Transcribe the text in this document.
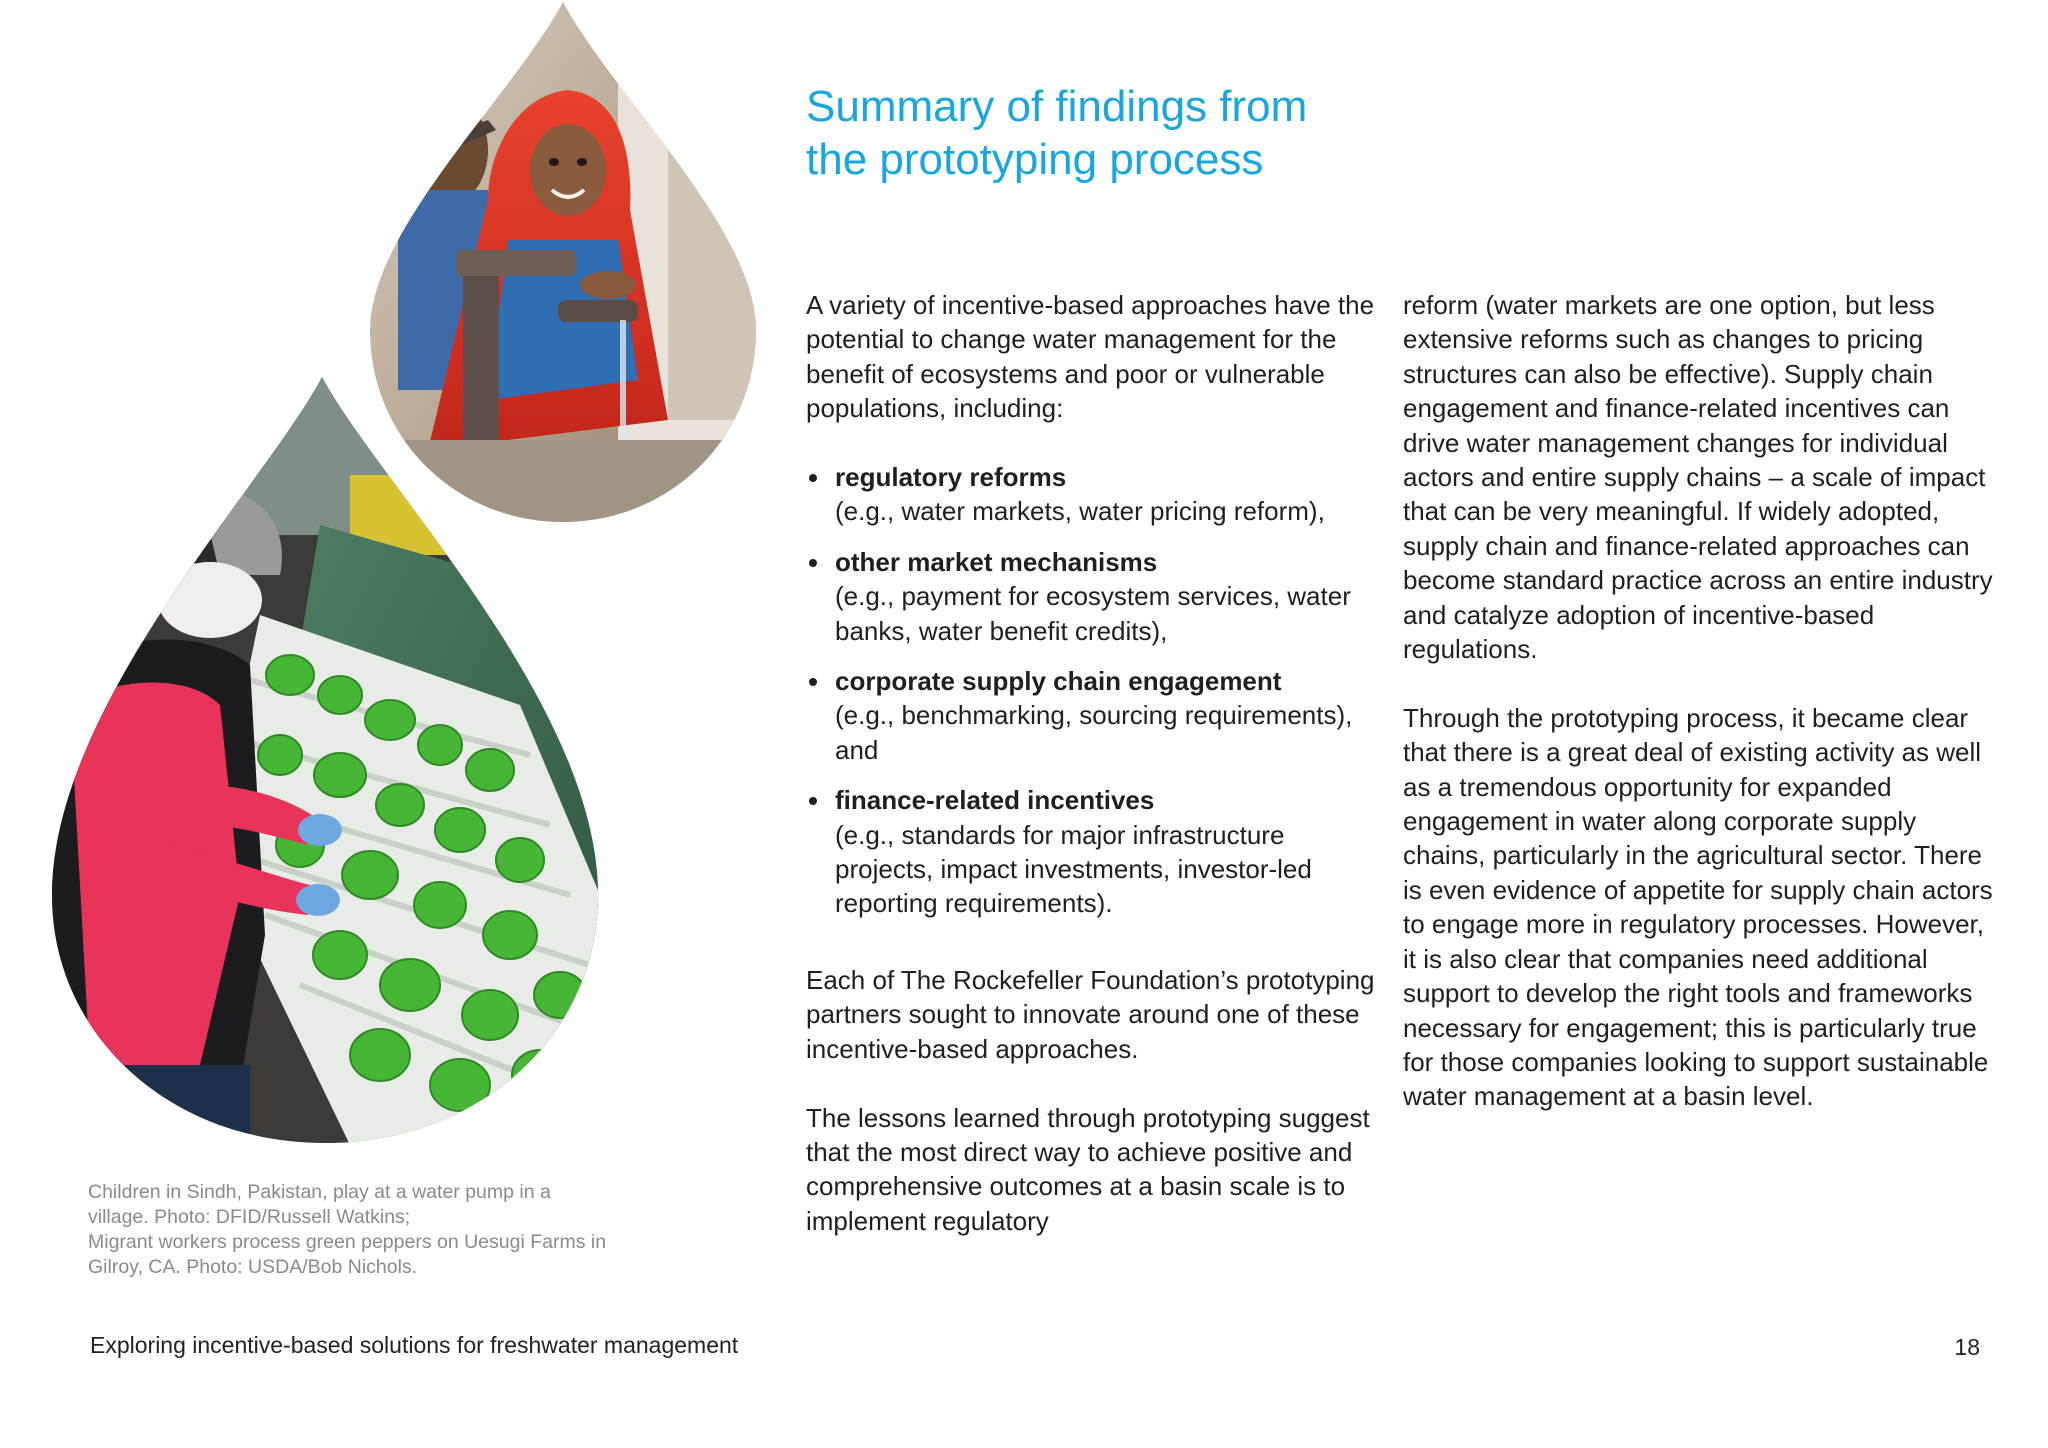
Children in Sindh, Pakistan, play at a water pump in a village. Photo: DFID/Russell Watkins;

Migrant workers process green peppers on Uesugi Farms in Gilroy, CA. Photo: USDA/Bob Nichols.

Summary of findings from
the prototyping process

A variety of incentive-based approaches have the potential to change water management for the benefit of ecosystems and poor or vulnerable populations, including:

regulatory reforms
(e.g., water markets, water pricing reform),
other market mechanisms
(e.g., payment for ecosystem services, water banks, water benefit credits),
corporate supply chain engagement
(e.g., benchmarking, sourcing requirements), and
finance-related incentives
(e.g., standards for major infrastructure projects, impact investments, investor-led reporting requirements).

Each of The Rockefeller Foundation’s prototyping partners sought to innovate around one of these incentive-based approaches.

The lessons learned through prototyping suggest that the most direct way to achieve positive and comprehensive outcomes at a basin scale is to implement regulatory

reform (water markets are one option, but less extensive reforms such as changes to pricing structures can also be effective). Supply chain engagement and finance-related incentives can drive water management changes for individual actors and entire supply chains – a scale of impact that can be very meaningful. If widely adopted, supply chain and finance-related approaches can become standard practice across an entire industry and catalyze adoption of incentive-based regulations.

Through the prototyping process, it became clear that there is a great deal of existing activity as well as a tremendous opportunity for expanded engagement in water along corporate supply chains, particularly in the agricultural sector. There is even evidence of appetite for supply chain actors to engage more in regulatory processes. However, it is also clear that companies need additional support to develop the right tools and frameworks necessary for engagement; this is particularly true for those companies looking to support sustainable water management at a basin level.

Exploring incentive-based solutions for freshwater management	18
